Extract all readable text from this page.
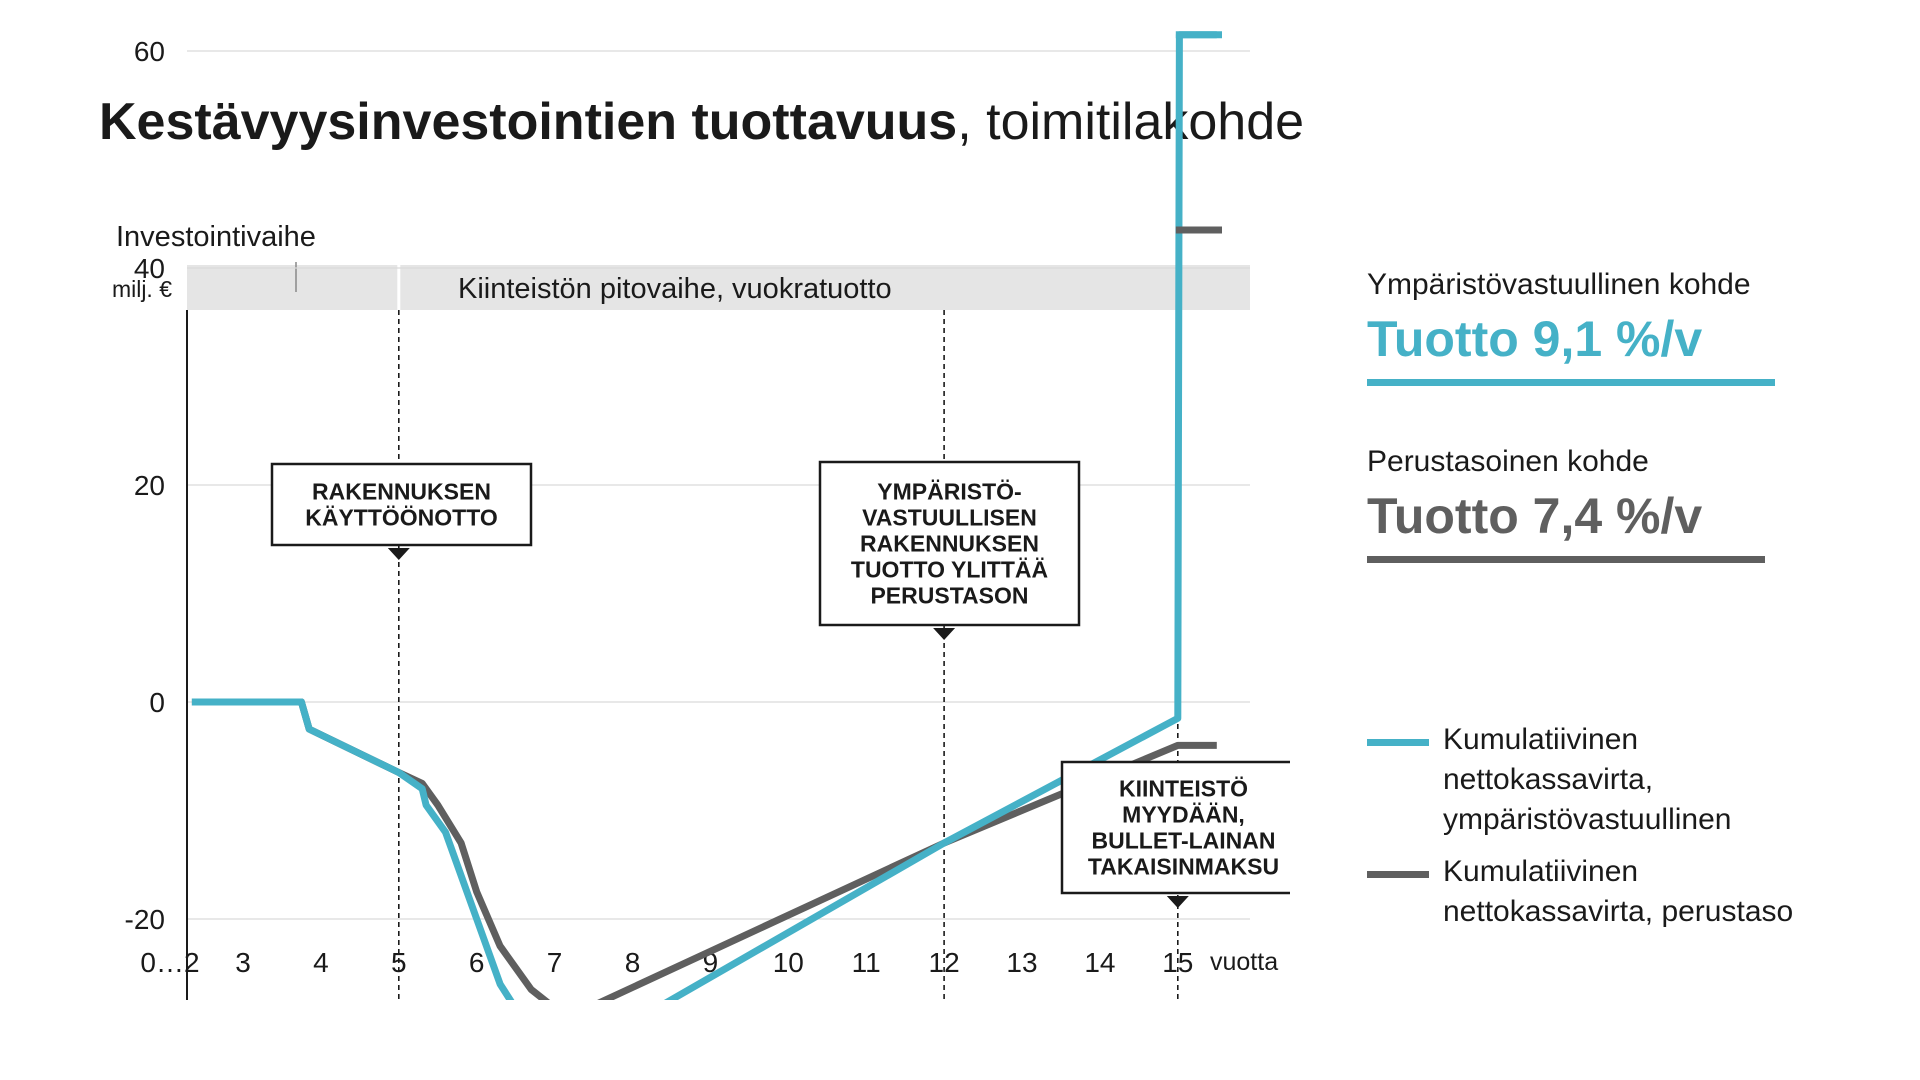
Kestävyysinvestointien tuottavuus, toimitilakohde
Kiinteistön pitovaihe, vuokratuotto
Investointivaihe
milj. €
60
40
20
0
-20
0…2 3 4 5 6 7 8 9 10 11 12 13 14 15 vuotta
RAKENNUKSEN
KÄYTTÖÖNOTTO
YMPÄRISTÖ-
VASTUULLISEN
RAKENNUKSEN
TUOTTO YLITTÄÄ
PERUSTASON
KIINTEISTÖ
MYYDÄÄN,
BULLET-LAINAN
TAKAISINMAKSU
Ympäristövastuullinen kohde
Tuotto 9,1 %/v
Perustasoinen kohde
Tuotto 7,4 %/v
Kumulatiivinen nettokassavirta, ympäristövastuullinen
Kumulatiivinen nettokassavirta, perustaso
